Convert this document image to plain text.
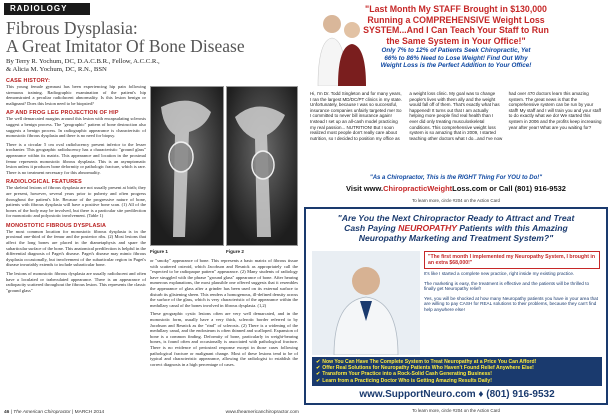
RADIOLOGY
Fibrous Dysplasia:
A Great Imitator Of Bone Disease
By Terry R. Yochum, DC, D.A.C.B.R., Fellow, A.C.C.R.,
& Alicia M. Yochum, DC, R.N., BSN
CASE HISTORY:
This young female gymnast has been experiencing hip pain following strenuous training. Radiographic examination of the patient's hip demonstrated a peculiar radiolucent abnormality. Is this lesion benign or malignant? Does this lesion need to be biopsied?
AP AND FROG LEG PROJECTION OF HIP
The well demarcated margins around this lesion with encapsulating sclerosis suggest a benign process. The "geographic" pattern of bone destruction also suggests a benign process. In radiographic appearance is characteristic of monostotic fibrous dysplasia and there is no need for biopsy.
There is a circular 5 cm oval radiolucency present inferior to the lesser trochanter. This geographic radiolucency has a characteristic "ground glass" appearance within its matrix. This appearance and location in the proximal femur represents monostotic fibrous dysplasia. This is an asymptomatic lesion unless it produces bone deformity or pathologic fracture, which is rare. There is no treatment necessary for this abnormality.
RADIOLOGICAL FEATURES
The skeletal lesions of fibrous dysplasia are not usually present at birth; they are present, however, several years prior to puberty and often progress throughout the patient's life. Because of the progressive nature of bone, patients with fibrous dysplasia will have a positive bone scan. (1) All of the bones of the body may be involved, but there is a particular site predilection for monostotic and polyostotic involvement. (Table 1)
MONOSTOTIC FIBROUS DYSPLASIA
The most common location for monostotic fibrous dysplasia is in the proximal one-third of the femur and the posterior ribs. (2) Most lesions that affect the long bones are placed in the diametaphysis and spare the subarticular surface of the bone. This anatomical predilection is helpful in the differential diagnosis of Paget's disease. Paget's disease may mimic fibrous dysplasia occasionally, but involvement of the subarticular region in Paget's disease invariably extends to include subarticular bone.
The lesions of monostotic fibrous dysplasia are usually radiolucent and often have a loculated or trabeculated appearance. There is an appearance of radiopacity scattered throughout the fibrous lesion. This represents the classic "ground glass"
Figure 1	Figure 2
or "smoky" appearance of bone. This represents a basic matrix of fibrous tissue with scattered osteoid, which Jacobson and Resnick as appropriately call the "expected to be radiopaque pattern" appearance. (2) Many students of radiology have struggled with the phrase "ground glass" appearance of bone. After hearing numerous explanations, the most plausible one offered suggests that it resembles the appearance of glass after a grinder has been used on its external surface to disturb its glistening sheen. This renders a homogenous, ill-defined density across the surface of the glass, which is very characteristic of the appearance within the medullary canal of the bones involved in fibrous dysplasia. (1,2)
These geographic cystic lesions often are very well demarcated, and in the monostotic form, usually have a very thick, sclerotic border referred to by Jacobson and Resnick as the "rind" of sclerosis. (2) There is a widening of the medullary canal, and the endosteum is often thinned and scalloped. Expansion of bone is a common finding. Deformity of bone, particularly in weight-bearing bones, is found often and occasionally is associated with pathological fracture. There is no evidence of periosteal response except in those cases following pathological fracture or malignant change. Most of these lesions tend to be of typical and characteristic appearance, allowing the radiologist to establish the correct diagnosis in a high percentage of cases.
"Last Month My STAFF Brought in $130,000
Running a COMPREHENSIVE Weight Loss
SYSTEM...And I Can Teach Your Staff to Run
the Same System in Your Office!"
Only 7% to 12% of Patients Seek Chiropractic, Yet
66% to 86% Need to Lose Weight! Find Out Why
Weight Loss is the Perfect Addition to Your Office!
Hi, I'm Dr. Todd Singleton and for many years, I ran the largest MD/DC/PT clinics in my state. Unfortunately, because I was so successful, insurance companies unfairly targeted me! So I committed to never bill insurance again! Instead I set up an all-cash model practicing my real passion... NUTRITION! But I soon realized most people don't really care about nutrition, so I decided to position my office as a weight loss clinic. My goal was to change people's lives with them ally and the weight would fall off of them. That's exactly what has happened! It turns out that I am actually helping more people find real health than I ever did only treating musculoskeletal conditions. This comprehensive weight loss system is so amazing that in 2009, I started teaching other doctors what I do...and I've now had over 470 doctors learn this amazing system. The great news is that the comprehensive system can be run by your staff! My staff and I will train you and your staff to do exactly what we do! We started this system in 2006 and the profits keep increasing year after year! What are you waiting for?
"As a Chiropractor, This is the RIGHT Thing For YOU to Do!"
Visit www.ChiropracticWeightLoss.com or Call (801) 916-9532
To learn more, circle #204 on the Action Card
"Are You the Next Chiropractor Ready to Attract and Treat
Cash Paying NEUROPATHY Patients with this Amazing
Neuropathy Marketing and Treatment System?"
"The first month I implemented my Neuropathy System, I brought in an extra $68,000!"

It's like I started a complete new practice, right inside my existing practice.

The marketing is easy, the treatment is effective and the patients will be thrilled to finally get Neuropathy relief!

Yes, you will be shocked at how many Neuropathy patients you have in your area that are willing to pay CASH for REAL solutions to their problems, because they can't find help anywhere else!

✔ Now You Can Have The Complete System to Treat Neuropathy at a Price You Can Afford!
✔ Offer Real Solutions for Neuropathy Patients Who Haven't Found Relief Anywhere Else!
✔ Transform Your Practice into a Rock-Solid Cash Generating Business!
✔ Learn from a Practicing Doctor Who is Getting Amazing Results Daily!
www.SupportNeuro.com ♦ (801) 916-9532
To learn more, circle #204 on the Action Card
46 | The American Chiropractor | MARCH 2014	www.theamericanchiropractor.com
